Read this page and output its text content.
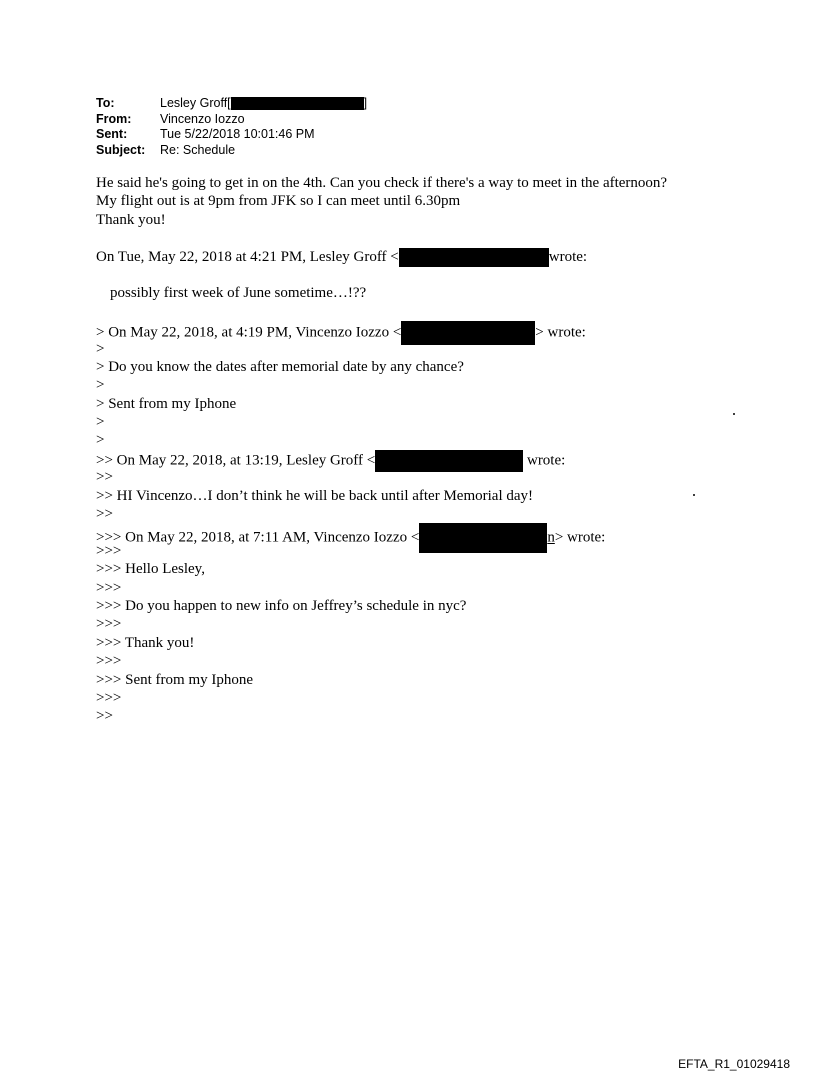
To:	Lesley Groff[	]
From: Vincenzo Iozzo
Sent:	Tue 5/22/2018 10:01:46 PM
Subject: Re: Schedule
He said he's going to get in on the 4th. Can you check if there's a way to meet in the afternoon?
My flight out is at 9pm from JFK so I can meet until 6.30pm
Thank you!
On Tue, May 22, 2018 at 4:21 PM, Lesley Groff <	wrote:
possibly first week of June sometime…!??
> On May 22, 2018, at 4:19 PM, Vincenzo Iozzo <	> wrote:
>
> Do you know the dates after memorial date by any chance?
>
> Sent from my Iphone
>
>
>> On May 22, 2018, at 13:19, Lesley Groff <	wrote:
>>
>> HI Vincenzo…I don’t think he will be back until after Memorial day!
>>
>>> On May 22, 2018, at 7:11 AM, Vincenzo Iozzo <	n> wrote:
>>>
>>> Hello Lesley,
>>>
>>> Do you happen to new info on Jeffrey’s schedule in nyc?
>>>
>>> Thank you!
>>>
>>> Sent from my Iphone
>>>
>>
EFTA_R1_01029418
